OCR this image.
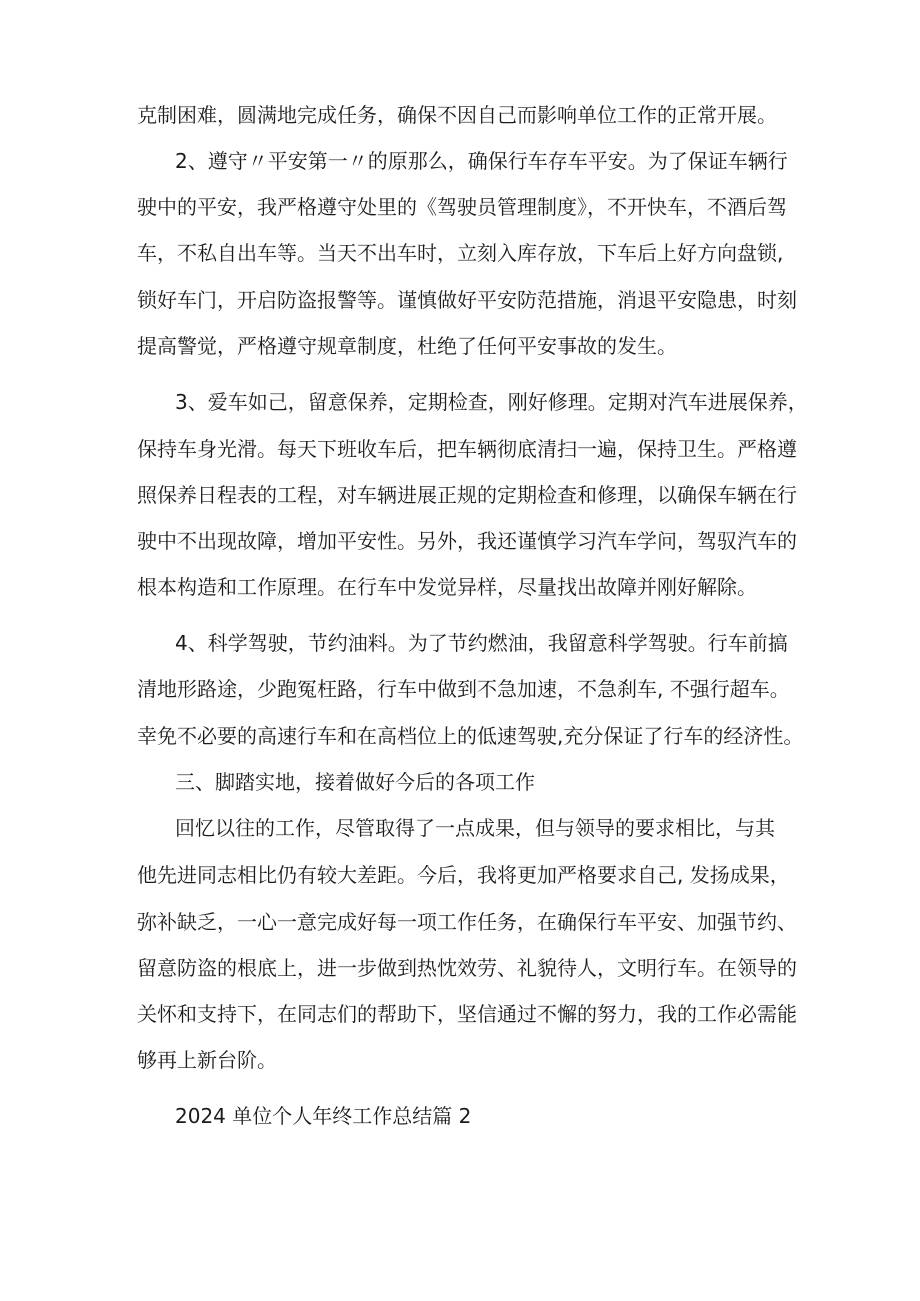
克制困难，圆满地完成任务，确保不因自己而影响单位工作的正常开展。
2、遵守〃平安第一〃的原那么，确保行车存车平安。为了保证车辆行
驶中的平安，我严格遵守处里的《驾驶员管理制度》，不开快车，不酒后驾
车，不私自出车等。当天不出车时，立刻入库存放，下车后上好方向盘锁,
锁好车门，开启防盗报警等。谨慎做好平安防范措施，消退平安隐患，时刻
提高警觉，严格遵守规章制度，杜绝了任何平安事故的发生。
3、爱车如己，留意保养，定期检查，刚好修理。定期对汽车进展保养，
保持车身光滑。每天下班收车后，把车辆彻底清扫一遍，保持卫生。严格遵
照保养日程表的工程，对车辆进展正规的定期检查和修理，以确保车辆在行
驶中不出现故障，增加平安性。另外，我还谨慎学习汽车学问，驾驭汽车的
根本构造和工作原理。在行车中发觉异样，尽量找出故障并刚好解除。
4、科学驾驶，节约油料。为了节约燃油，我留意科学驾驶。行车前搞
清地形路途，少跑冤枉路，行车中做到不急加速，不急刹车, 不强行超车。
幸免不必要的高速行车和在高档位上的低速驾驶,充分保证了行车的经济性。
三、脚踏实地，接着做好今后的各项工作
回忆以往的工作，尽管取得了一点成果，但与领导的要求相比，与其
他先进同志相比仍有较大差距。今后，我将更加严格要求自己, 发扬成果，
弥补缺乏，一心一意完成好每一项工作任务，在确保行车平安、加强节约、
留意防盗的根底上，进一步做到热忱效劳、礼貌待人，文明行车。在领导的
关怀和支持下，在同志们的帮助下，坚信通过不懈的努力，我的工作必需能
够再上新台阶。
2024 单位个人年终工作总结篇 2
